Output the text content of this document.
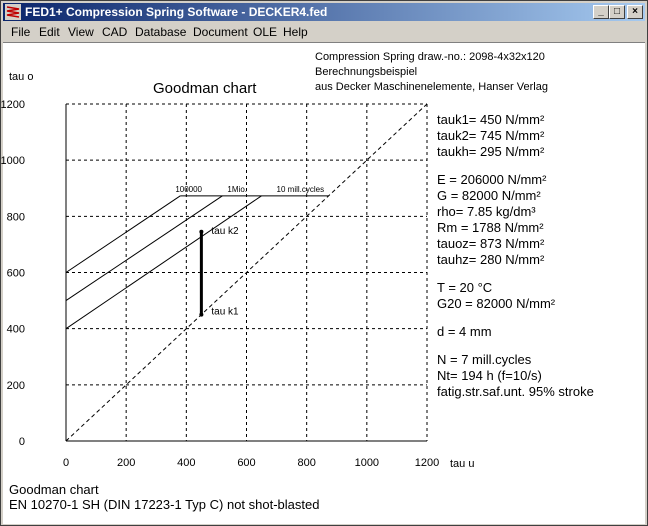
FED1+ Compression Spring Software - DECKER4.fed	_	□	×
File Edit View CAD Database Document OLE Help
0	200	400	600	800	1000	1200
0
200
400
600
800
1000
1200
Goodman chart
tau o
tau u
100000	1Mio.	10 mill.cycles
tau k2
tau k1
Compression Spring draw.-no.: 2098-4x32x120
Berechnungsbeispiel
aus Decker Maschinenelemente, Hanser Verlag
tauk1= 450 N/mm²
tauk2= 745 N/mm²
taukh= 295 N/mm²
E = 206000 N/mm²
G = 82000 N/mm²
rho= 7.85 kg/dm³
Rm = 1788 N/mm²
tauoz= 873 N/mm²
tauhz= 280 N/mm²
T = 20 °C
G20 = 82000 N/mm²
d = 4 mm
N = 7 mill.cycles
Nt= 194 h (f=10/s)
fatig.str.saf.unt. 95% stroke
Goodman chart
EN 10270-1 SH (DIN 17223-1 Typ C) not shot-blasted
